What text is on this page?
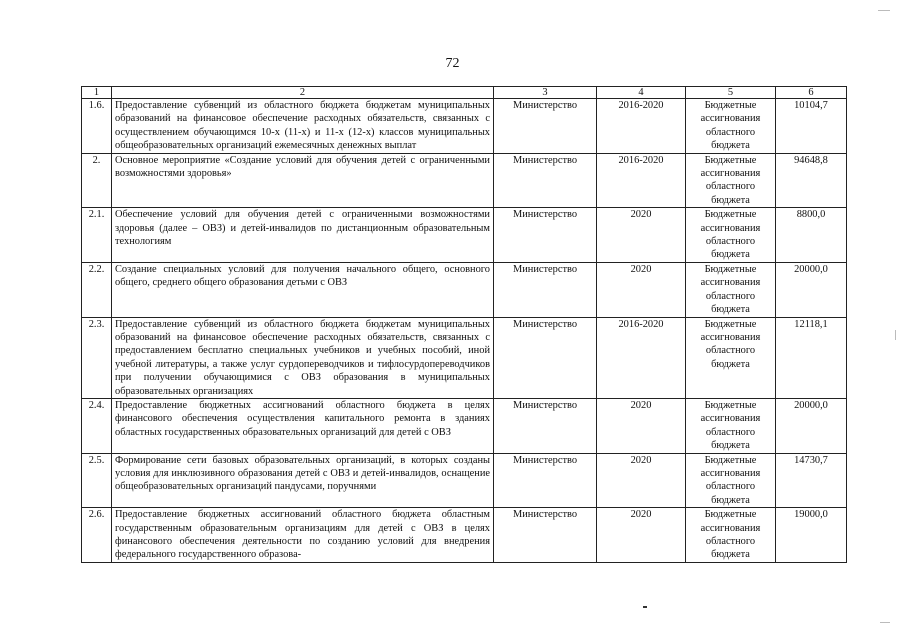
72
1	2	3	4	5	6
1.6.	Предоставление субвенций из областного бюджета бюджетам муниципальных образований на финансовое обеспечение расходных обязательств, связанных с осуществлением обучающимся 10-х (11-х) и 11-х (12-х) классов муниципальных общеобразовательных организаций ежемесячных денежных выплат	Министерство	2016-2020	Бюджетные ассигнования областного бюджета	10104,7
2.	Основное мероприятие «Создание условий для обучения детей с ограниченными возможностями здоровья»	Министерство	2016-2020	Бюджетные ассигнования областного бюджета	94648,8
2.1.	Обеспечение условий для обучения детей с ограниченными возможностями здоровья (далее – ОВЗ) и детей-инвалидов по дистанционным образовательным технологиям	Министерство	2020	Бюджетные ассигнования областного бюджета	8800,0
2.2.	Создание специальных условий для получения начального общего, основного общего, среднего общего образования детьми с ОВЗ	Министерство	2020	Бюджетные ассигнования областного бюджета	20000,0
2.3.	Предоставление субвенций из областного бюджета бюджетам муниципальных образований на финансовое обеспечение расходных обязательств, связанных с предоставлением бесплатно специальных учебников и учебных пособий, иной учебной литературы, а также услуг сурдопереводчиков и тифлосурдопереводчиков при получении обучающимися с ОВЗ образования в муниципальных образовательных организациях	Министерство	2016-2020	Бюджетные ассигнования областного бюджета	12118,1
2.4.	Предоставление бюджетных ассигнований областного бюджета в целях финансового обеспечения осуществления капитального ремонта в зданиях областных государственных образовательных организаций для детей с ОВЗ	Министерство	2020	Бюджетные ассигнования областного бюджета	20000,0
2.5.	Формирование сети базовых образовательных организаций, в которых созданы условия для инклюзивного образования детей с ОВЗ и детей-инвалидов, оснащение общеобразовательных организаций пандусами, поручнями	Министерство	2020	Бюджетные ассигнования областного бюджета	14730,7
2.6.	Предоставление бюджетных ассигнований областного бюджета областным государственным образовательным организациям для детей с ОВЗ в целях финансового обеспечения деятельности по созданию условий для внедрения федерального государственного образова-	Министерство	2020	Бюджетные ассигнования областного бюджета	19000,0
